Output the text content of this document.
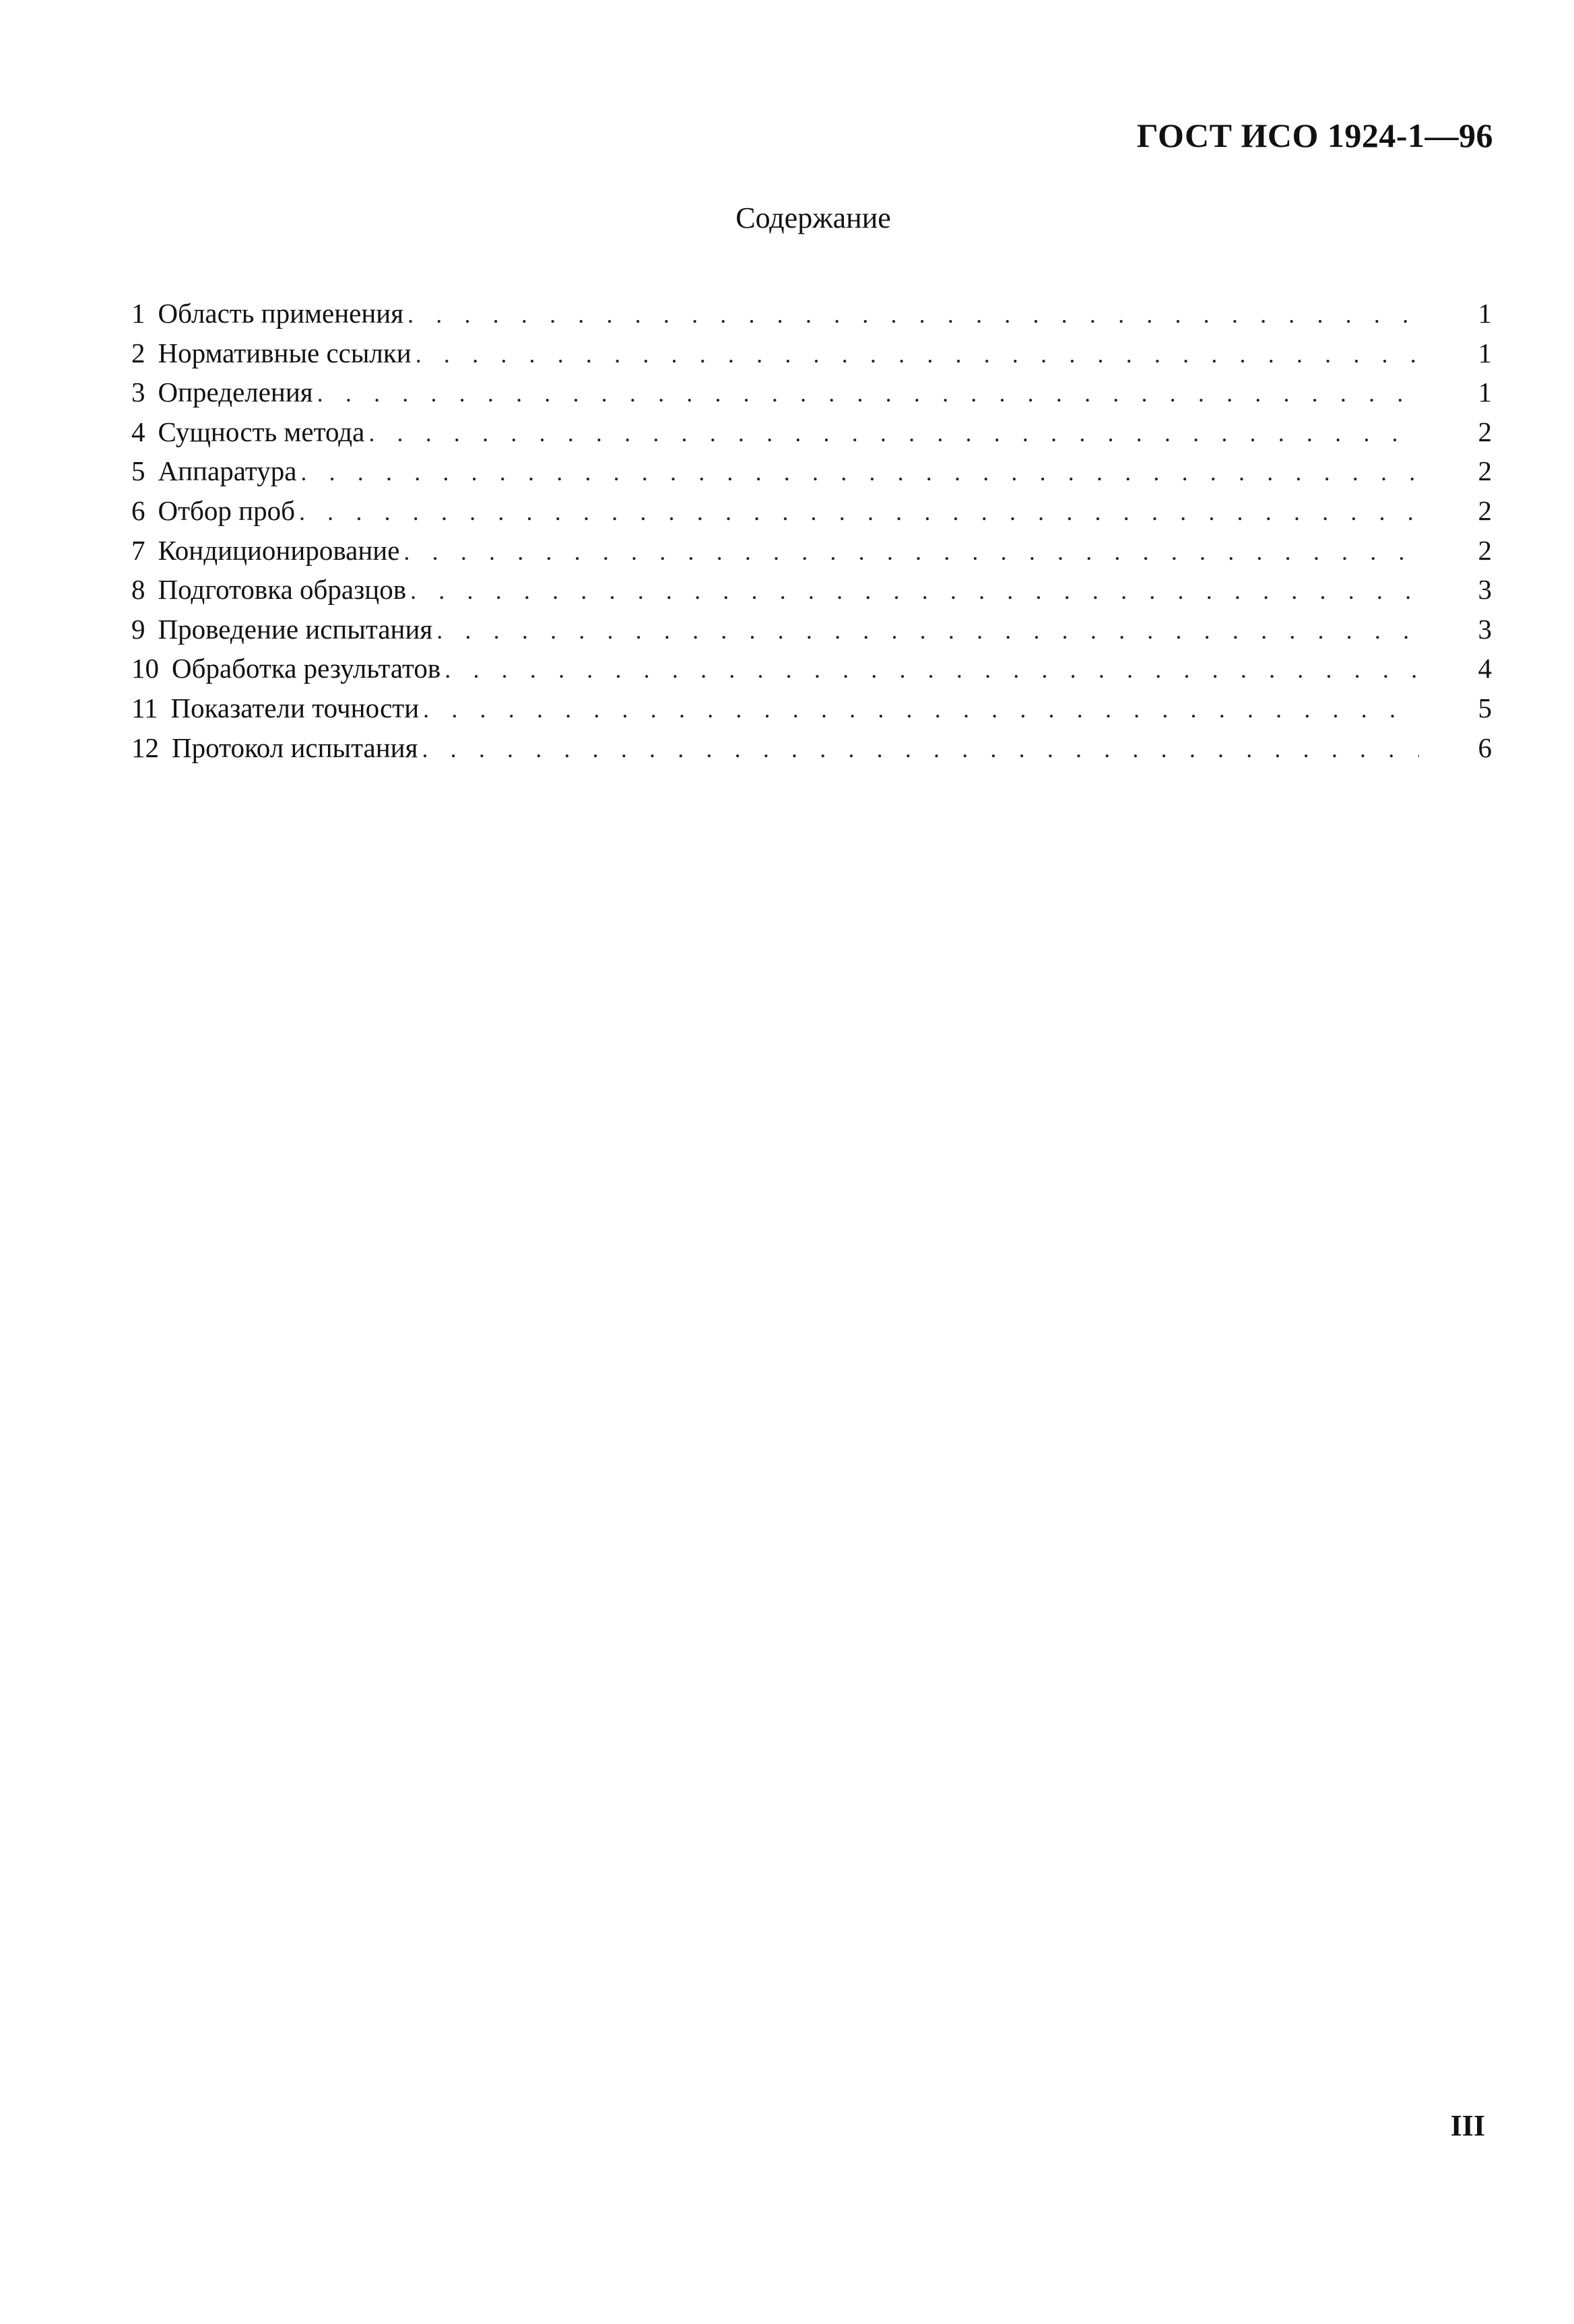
ГОСТ ИСО 1924-1—96
Содержание
1 Область применения . . .	1
2 Нормативные ссылки . . .	1
3 Определения . . .	1
4 Сущность метода . . .	2
5 Аппаратура . . .	2
6 Отбор проб . . .	2
7 Кондиционирование . . .	2
8 Подготовка образцов . . .	3
9 Проведение испытания . . .	3
10 Обработка результатов . . .	4
11 Показатели точности . . .	5
12 Протокол испытания . . .	6
III
